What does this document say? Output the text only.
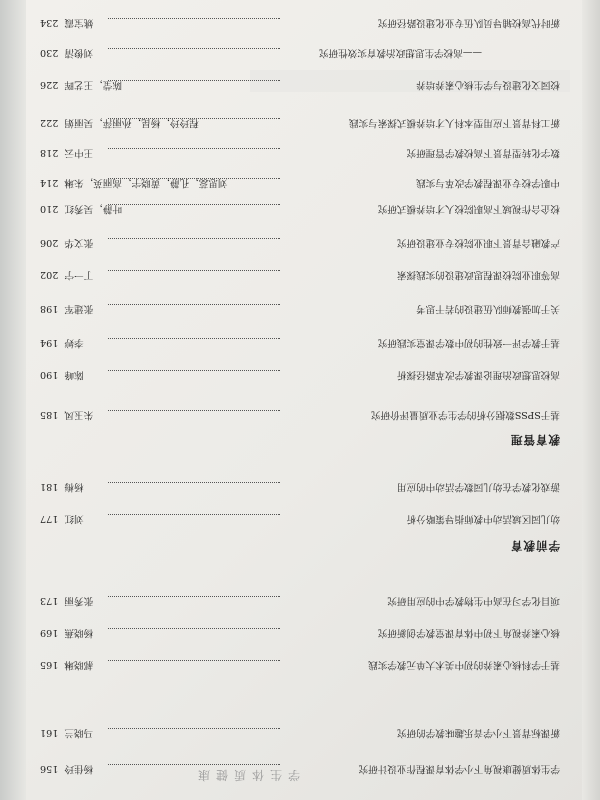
学生体质健康	学生体质健康视角下小学体育课程作业设计研究
杨佳玲  156
新课标背景下小学音乐趣味教学的研究
马晓兰  161
基于学科核心素养的初中美术大单元教学实践
郝晓琳  165
核心素养视角下初中体育课堂教学创新研究
杨晓燕  169
项目化学习在高中生物教学中的应用研究
张秀丽  173
学前教育
幼儿园区域活动中教师指导策略分析
刘红  177
游戏化教学在幼儿园数学活动中的应用
杨梅  181
教育管理
基于SPSS数据分析的学生学业质量评价研究
朱玉凤  185
高校思想政治理论课教学改革路径探析
陈峰  190
基于教学评一致性的初中数学课堂实践研究
李婷  194
关于加强教师队伍建设的若干思考
张建军  198
高等职业院校课程思政建设的实践探索
丁一宁  202
产教融合背景下职业院校专业建设研究
张文华  206
校企合作视域下高职院校人才培养模式研究
叶静，吴秀红  210
中职学校专业课程教学改革与实践
刘思蕊，孔静，黄晓宇，高丽英，朱琳  214
数字化转型背景下高校教学管理研究
王中云  218
新工科背景下应用型本科人才培养模式探索与实践
程玲玲，杨昆，孙丽萍，吴丽娟  222
校园文化建设与学生核心素养培养
陈莹，王艺晖  226
——高校学生思想政治教育实效性研究
刘俊清  230
新时代高校辅导员队伍专业化建设路径研究
姚宝霞  234
